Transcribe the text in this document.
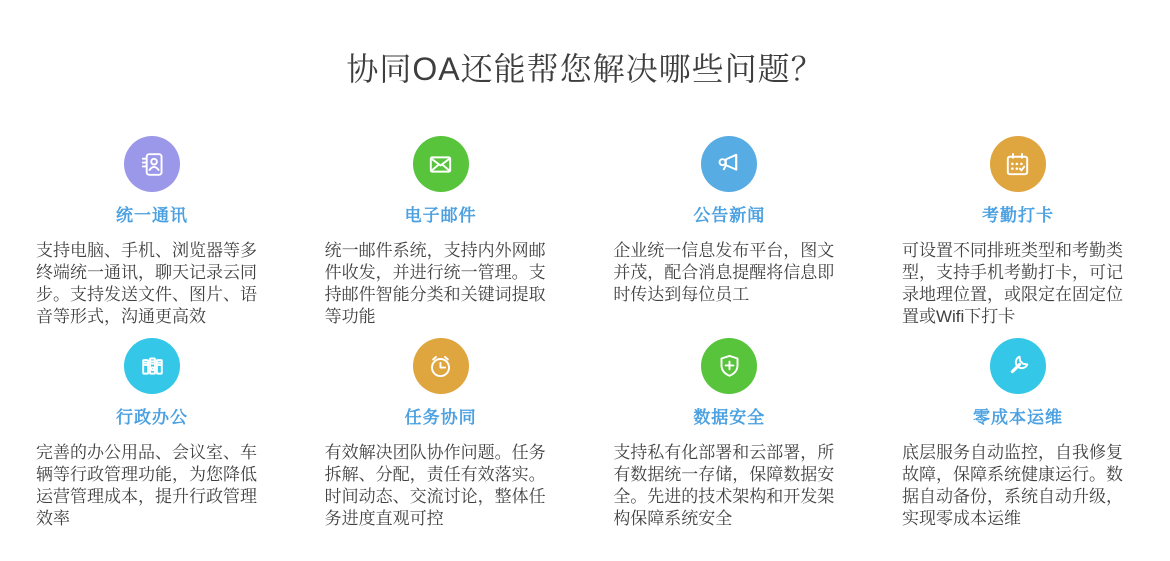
协同OA还能帮您解决哪些问题？
统一通讯

支持电脑、手机、浏览器等多终端统一通讯，聊天记录云同步。支持发送文件、图片、语音等形式，沟通更高效

电子邮件

统一邮件系统，支持内外网邮件收发，并进行统一管理。支持邮件智能分类和关键词提取等功能

公告新闻

企业统一信息发布平台，图文并茂，配合消息提醒将信息即时传达到每位员工

考勤打卡

可设置不同排班类型和考勤类型，支持手机考勤打卡，可记录地理位置，或限定在固定位置或Wifi下打卡

行政办公

完善的办公用品、会议室、车辆等行政管理功能，为您降低运营管理成本，提升行政管理效率

任务协同

有效解决团队协作问题。任务拆解、分配，责任有效落实。时间动态、交流讨论，整体任务进度直观可控

数据安全

支持私有化部署和云部署，所有数据统一存储，保障数据安全。先进的技术架构和开发架构保障系统安全

零成本运维

底层服务自动监控，自我修复故障，保障系统健康运行。数据自动备份，系统自动升级，实现零成本运维
